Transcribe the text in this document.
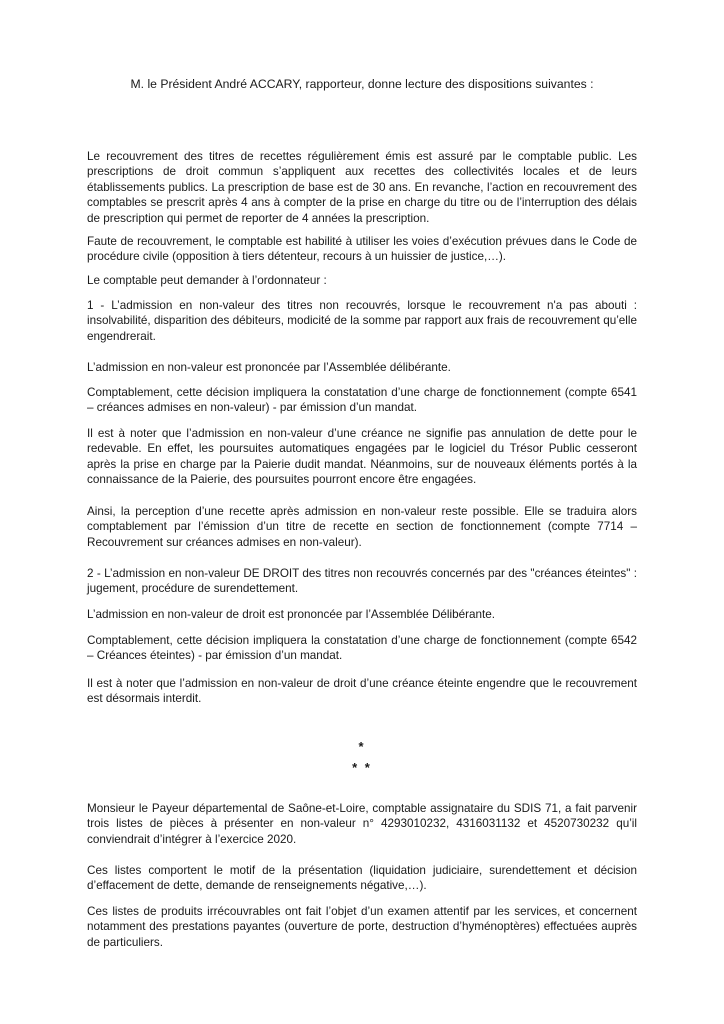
M. le Président André ACCARY, rapporteur, donne lecture des dispositions suivantes :

Le recouvrement des titres de recettes régulièrement émis est assuré par le comptable public. Les prescriptions de droit commun s’appliquent aux recettes des collectivités locales et de leurs établissements publics. La prescription de base est de 30 ans. En revanche, l’action en recouvrement des comptables se prescrit après 4 ans à compter de la prise en charge du titre ou de l’interruption des délais de prescription qui permet de reporter de 4 années la prescription.

Faute de recouvrement, le comptable est habilité à utiliser les voies d’exécution prévues dans le Code de procédure civile (opposition à tiers détenteur, recours à un huissier de justice,…).

Le comptable peut demander à l’ordonnateur :

1 - L’admission en non-valeur des titres non recouvrés, lorsque le recouvrement n'a pas abouti : insolvabilité, disparition des débiteurs, modicité de la somme par rapport aux frais de recouvrement qu’elle engendrerait.

L’admission en non-valeur est prononcée par l’Assemblée délibérante.

Comptablement, cette décision impliquera la constatation d’une charge de fonctionnement (compte 6541 – créances admises en non-valeur) - par émission d’un mandat.

Il est à noter que l’admission en non-valeur d’une créance ne signifie pas annulation de dette pour le redevable. En effet, les poursuites automatiques engagées par le logiciel du Trésor Public cesseront après la prise en charge par la Paierie dudit mandat. Néanmoins, sur de nouveaux éléments portés à la connaissance de la Paierie, des poursuites pourront encore être engagées.

Ainsi, la perception d’une recette après admission en non-valeur reste possible. Elle se traduira alors comptablement par l’émission d’un titre de recette en section de fonctionnement (compte 7714 – Recouvrement sur créances admises en non-valeur).

2 - L’admission en non-valeur DE DROIT des titres non recouvrés concernés par des "créances éteintes" : jugement, procédure de surendettement.

L’admission en non-valeur de droit est prononcée par l’Assemblée Délibérante.

Comptablement, cette décision impliquera la constatation d’une charge de fonctionnement (compte 6542 – Créances éteintes) - par émission d’un mandat.

Il est à noter que l’admission en non-valeur de droit d’une créance éteinte engendre que le recouvrement est désormais interdit.

*
* *

Monsieur le Payeur départemental de Saône-et-Loire, comptable assignataire du SDIS 71, a fait parvenir trois listes de pièces à présenter en non-valeur n° 4293010232, 4316031132 et 4520730232 qu’il conviendrait d’intégrer à l’exercice 2020.

Ces listes comportent le motif de la présentation (liquidation judiciaire, surendettement et décision d’effacement de dette, demande de renseignements négative,…).

Ces listes de produits irrécouvrables ont fait l’objet d’un examen attentif par les services, et concernent notamment des prestations payantes (ouverture de porte, destruction d’hyménoptères) effectuées auprès de particuliers.
